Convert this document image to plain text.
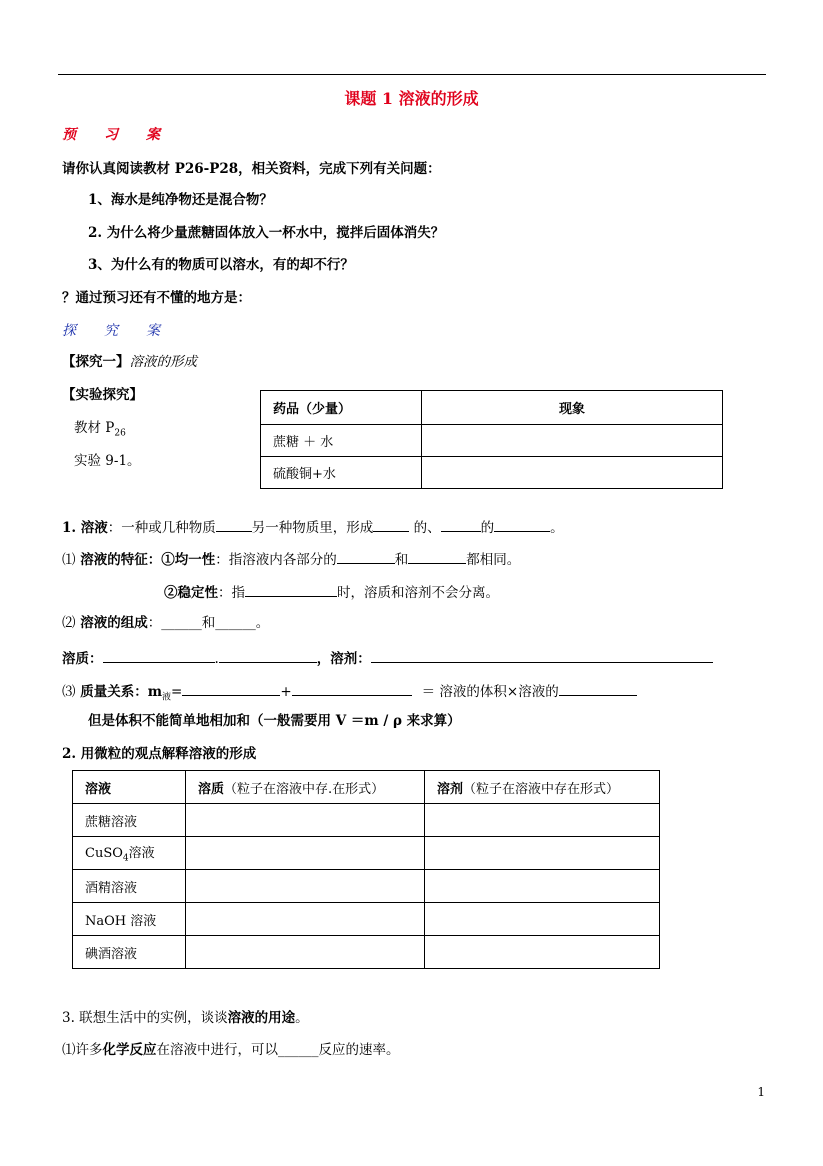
课题 1 溶液的形成
预　　习　　案
请你认真阅读教材 P26-P28，相关资料，完成下列有关问题：
1、海水是纯净物还是混合物？
2. 为什么将少量蔗糖固体放入一杯水中，搅拌后固体消失？
3、为什么有的物质可以溶水，有的却不行？
？通过预习还有不懂的地方是：
探　　究　　案
【探究一】溶液的形成
【实验探究】
教材 $P_{26}$
实验 9-1。
药品（少量）	现象
蔗糖 ＋ 水	
硫酸铜+水	
1. 溶液：一种或几种物质	另一种物质里，形成	的、	的	。
⑴ 溶液的特征：①均一性：指溶液内各部分的	和	都相同。
②稳定性：指	时，溶质和溶剂不会分离。
⑵ 溶液的组成：______和______。
溶质：	.	，溶剂：
⑶ 质量关系：$m_液=$	+	＝ 溶液的体积×溶液的
但是体积不能简单地相加和（一般需要用 V ＝m / ρ 来求算）
2. 用微粒的观点解释溶液的形成
溶液	溶质（粒子在溶液中存.在形式）	溶剂（粒子在溶液中存在形式）
蔗糖溶液		
CuSO$_4$溶液		
酒精溶液		
NaOH 溶液		
碘酒溶液		
3. 联想生活中的实例，谈谈溶液的用途。
⑴许多化学反应在溶液中进行，可以______反应的速率。
1
